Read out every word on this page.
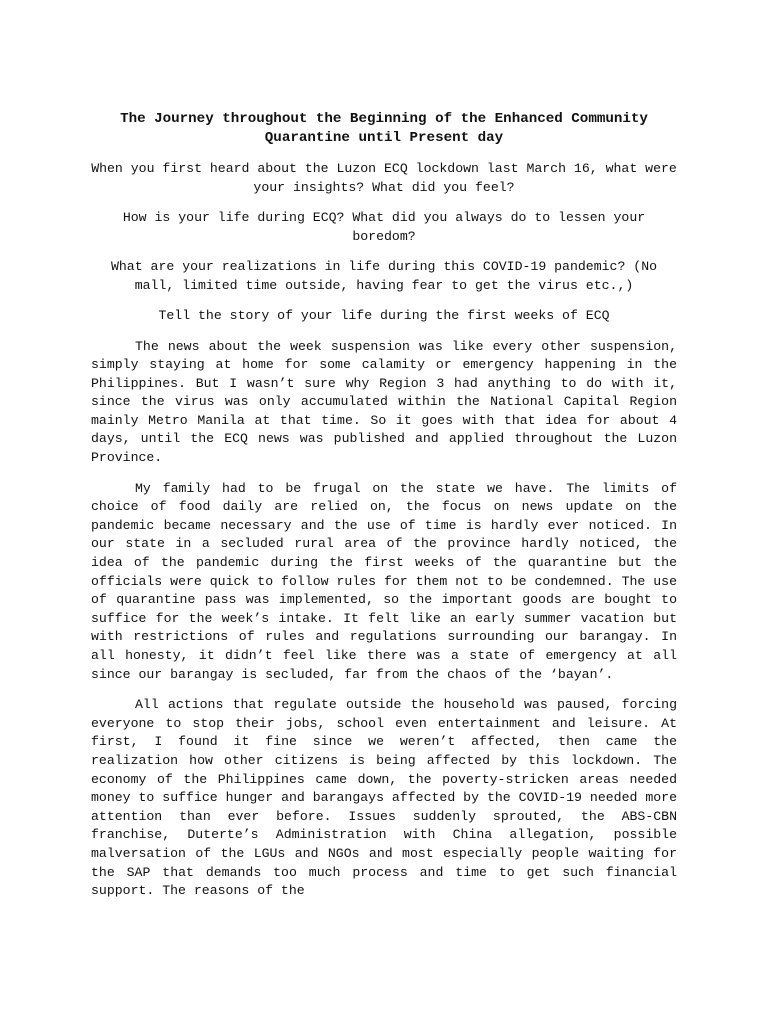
The Journey throughout the Beginning of the Enhanced Community Quarantine until Present day
When you first heard about the Luzon ECQ lockdown last March 16, what were your insights? What did you feel?
How is your life during ECQ? What did you always do to lessen your boredom?
What are your realizations in life during this COVID-19 pandemic? (No mall, limited time outside, having fear to get the virus etc.,)
Tell the story of your life during the first weeks of ECQ
The news about the week suspension was like every other suspension, simply staying at home for some calamity or emergency happening in the Philippines. But I wasn’t sure why Region 3 had anything to do with it, since the virus was only accumulated within the National Capital Region mainly Metro Manila at that time. So it goes with that idea for about 4 days, until the ECQ news was published and applied throughout the Luzon Province.
My family had to be frugal on the state we have. The limits of choice of food daily are relied on, the focus on news update on the pandemic became necessary and the use of time is hardly ever noticed. In our state in a secluded rural area of the province hardly noticed, the idea of the pandemic during the first weeks of the quarantine but the officials were quick to follow rules for them not to be condemned. The use of quarantine pass was implemented, so the important goods are bought to suffice for the week’s intake. It felt like an early summer vacation but with restrictions of rules and regulations surrounding our barangay. In all honesty, it didn’t feel like there was a state of emergency at all since our barangay is secluded, far from the chaos of the ‘bayan’.
All actions that regulate outside the household was paused, forcing everyone to stop their jobs, school even entertainment and leisure. At first, I found it fine since we weren’t affected, then came the realization how other citizens is being affected by this lockdown. The economy of the Philippines came down, the poverty-stricken areas needed money to suffice hunger and barangays affected by the COVID-19 needed more attention than ever before. Issues suddenly sprouted, the ABS-CBN franchise, Duterte’s Administration with China allegation, possible malversation of the LGUs and NGOs and most especially people waiting for the SAP that demands too much process and time to get such financial support. The reasons of the
